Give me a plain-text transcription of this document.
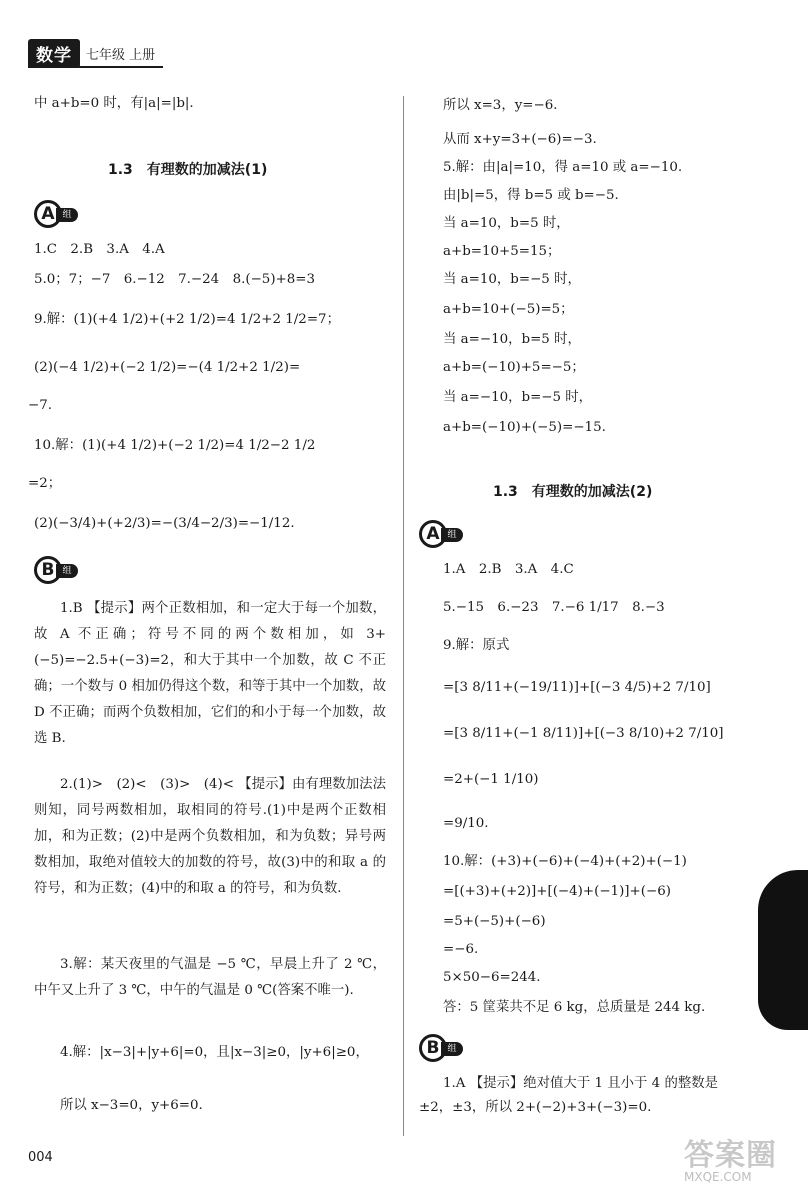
数学	七年级 上册
中 a+b=0 时，有|a|=|b|.
1.3　有理数的加减法(1)
A 组
1.C　2.B　3.A　4.A
5.0；7；−7　6.−12　7.−24　8.(−5)+8=3
9.解：(1)(+4 1/2)+(+2 1/2)=4 1/2+2 1/2=7；
(2)(−4 1/2)+(−2 1/2)=−(4 1/2+2 1/2)=
−7.
10.解：(1)(+4 1/2)+(−2 1/2)=4 1/2−2 1/2
=2；
(2)(−3/4)+(+2/3)=−(3/4−2/3)=−1/12.
B 组
1.B 【提示】两个正数相加，和一定大于每一个加数，故 A 不正确；符号不同的两个数相加，如 3+(−5)=−2.5+(−3)=2，和大于其中一个加数，故 C 不正确；一个数与 0 相加仍得这个数，和等于其中一个加数，故 D 不正确；而两个负数相加，它们的和小于每一个加数，故选 B.
2.(1)>　(2)<　(3)>　(4)< 【提示】由有理数加法法则知，同号两数相加，取相同的符号.(1)中是两个正数相加，和为正数；(2)中是两个负数相加，和为负数；异号两数相加，取绝对值较大的加数的符号，故(3)中的和取 a 的符号，和为正数；(4)中的和取 a 的符号，和为负数.
3.解：某天夜里的气温是 −5 ℃，早晨上升了 2 ℃，中午又上升了 3 ℃，中午的气温是 0 ℃(答案不唯一).
4.解：|x−3|+|y+6|=0，且|x−3|≥0，|y+6|≥0，
所以 x−3=0，y+6=0.
所以 x=3，y=−6.
从而 x+y=3+(−6)=−3.
5.解：由|a|=10，得 a=10 或 a=−10.
由|b|=5，得 b=5 或 b=−5.
当 a=10，b=5 时，
a+b=10+5=15；
当 a=10，b=−5 时，
a+b=10+(−5)=5；
当 a=−10，b=5 时，
a+b=(−10)+5=−5；
当 a=−10，b=−5 时，
a+b=(−10)+(−5)=−15.
1.3　有理数的加减法(2)
A 组
1.A　2.B　3.A　4.C
5.−15　6.−23　7.−6 1/17　8.−3
9.解：原式
=[3 8/11+(−19/11)]+[(−3 4/5)+2 7/10]
=[3 8/11+(−1 8/11)]+[(−3 8/10)+2 7/10]
=2+(−1 1/10)
=9/10.
10.解：(+3)+(−6)+(−4)+(+2)+(−1)
=[(+3)+(+2)]+[(−4)+(−1)]+(−6)
=5+(−5)+(−6)
=−6.
5×50−6=244.
答：5 筐菜共不足 6 kg，总质量是 244 kg.
B 组
1.A 【提示】绝对值大于 1 且小于 4 的整数是±2，±3，所以 2+(−2)+3+(−3)=0.
004	答案圈
MXQE.COM
